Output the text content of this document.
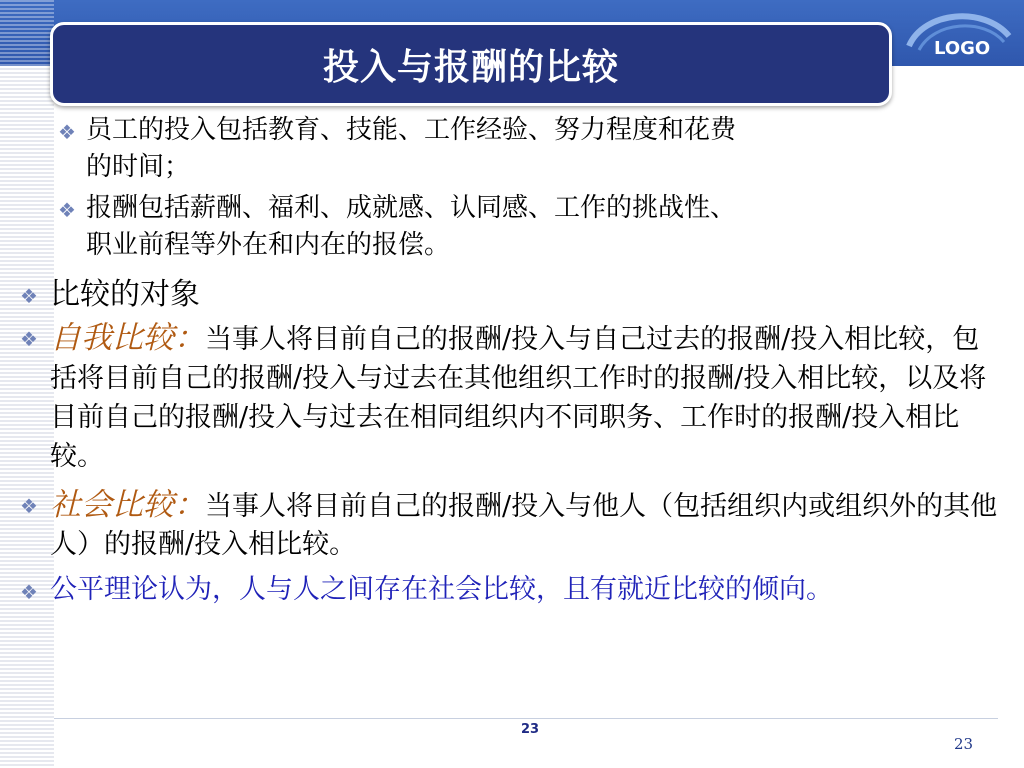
LOGO
投入与报酬的比较
❖ 员工的投入包括教育、技能、工作经验、努力程度和花费
的时间；
❖ 报酬包括薪酬、福利、成就感、认同感、工作的挑战性、
职业前程等外在和内在的报偿。
❖ 比较的对象
❖ 自我比较：当事人将目前自己的报酬/投入与自己过去的报酬/投入相比较，包括将目前自己的报酬/投入与过去在其他组织工作时的报酬/投入相比较，以及将目前自己的报酬/投入与过去在相同组织内不同职务、工作时的报酬/投入相比较。
❖ 社会比较：当事人将目前自己的报酬/投入与他人（包括组织内或组织外的其他人）的报酬/投入相比较。
❖ 公平理论认为，人与人之间存在社会比较，且有就近比较的倾向。
23
23
